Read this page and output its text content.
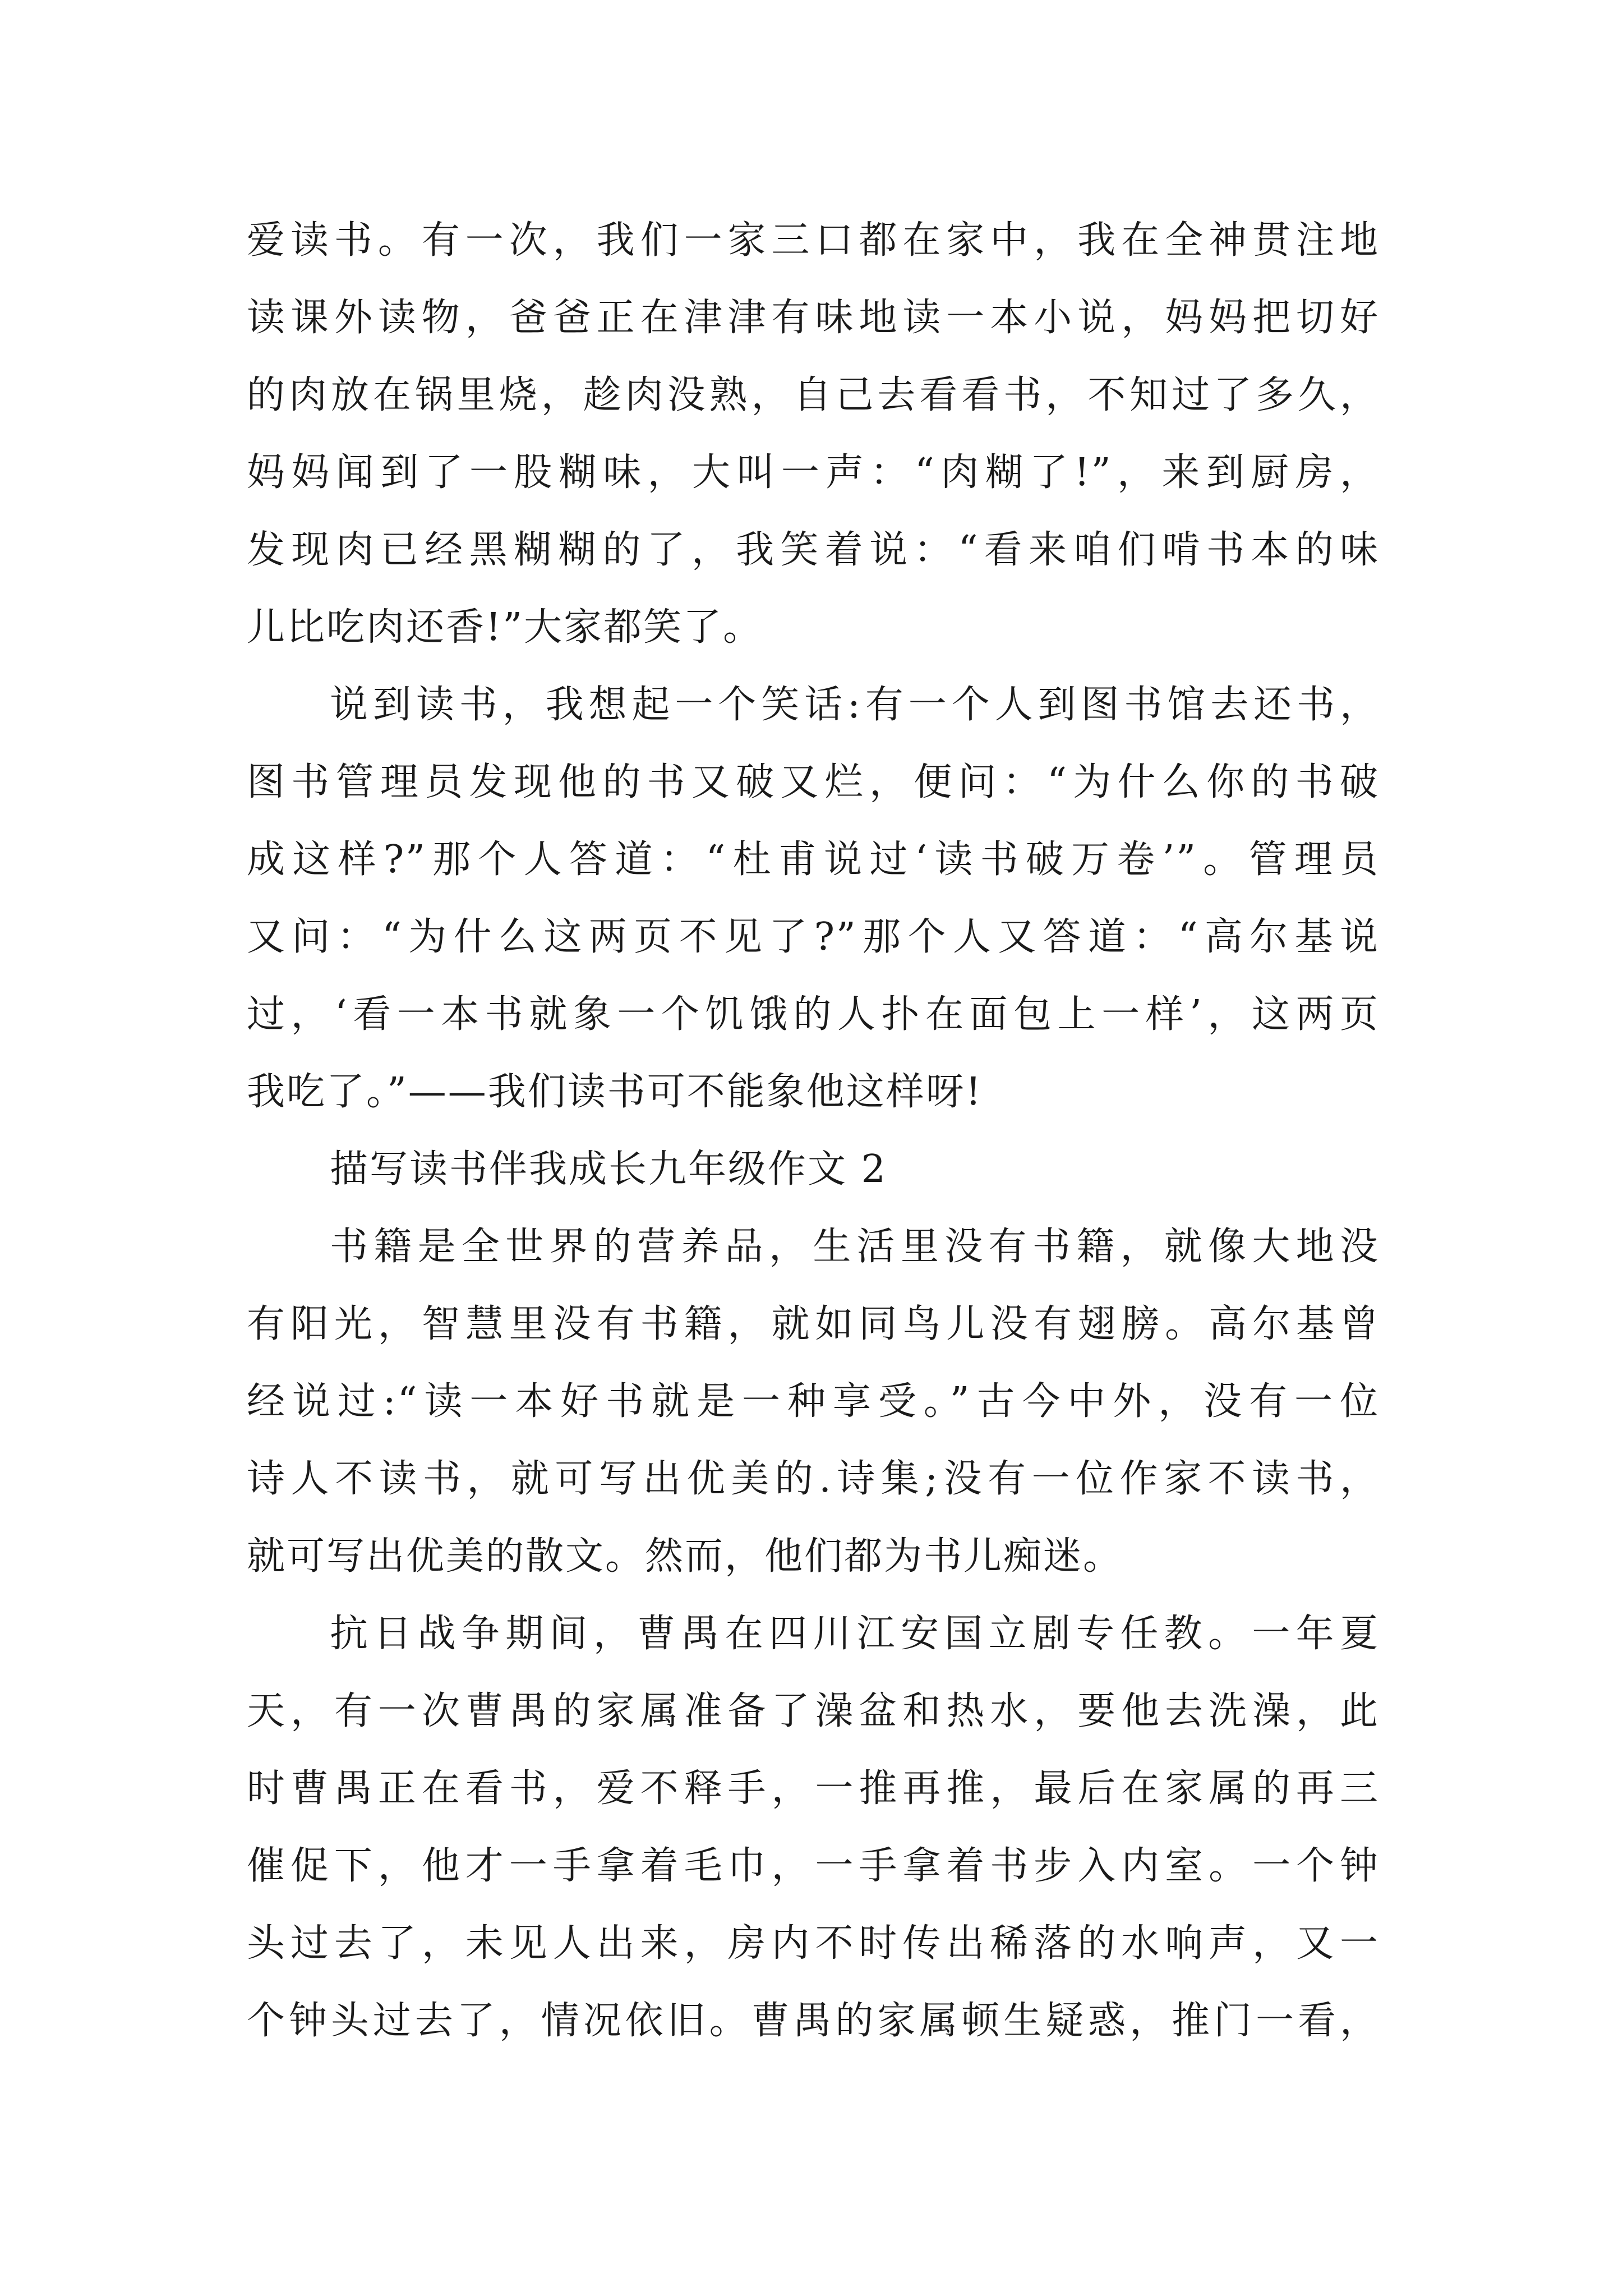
爱读书。有一次，我们一家三口都在家中，我在全神贯注地
读课外读物，爸爸正在津津有味地读一本小说，妈妈把切好
的肉放在锅里烧，趁肉没熟，自己去看看书，不知过了多久，
妈妈闻到了一股糊味，大叫一声：“肉糊了!”，来到厨房，
发现肉已经黑糊糊的了，我笑着说：“看来咱们啃书本的味
儿比吃肉还香!”大家都笑了。
说到读书，我想起一个笑话:有一个人到图书馆去还书，
图书管理员发现他的书又破又烂，便问：“为什么你的书破
成这样?”那个人答道：“杜甫说过‘读书破万卷’”。管理员
又问：“为什么这两页不见了?”那个人又答道：“高尔基说
过，‘看一本书就象一个饥饿的人扑在面包上一样’，这两页
我吃了。”——我们读书可不能象他这样呀!
描写读书伴我成长九年级作文 2
书籍是全世界的营养品，生活里没有书籍，就像大地没
有阳光，智慧里没有书籍，就如同鸟儿没有翅膀。高尔基曾
经说过:“读一本好书就是一种享受。”古今中外，没有一位
诗人不读书，就可写出优美的.诗集;没有一位作家不读书，
就可写出优美的散文。然而，他们都为书儿痴迷。
抗日战争期间，曹禺在四川江安国立剧专任教。一年夏
天，有一次曹禺的家属准备了澡盆和热水，要他去洗澡，此
时曹禺正在看书，爱不释手，一推再推，最后在家属的再三
催促下，他才一手拿着毛巾，一手拿着书步入内室。一个钟
头过去了，未见人出来，房内不时传出稀落的水响声，又一
个钟头过去了，情况依旧。曹禺的家属顿生疑惑，推门一看，
